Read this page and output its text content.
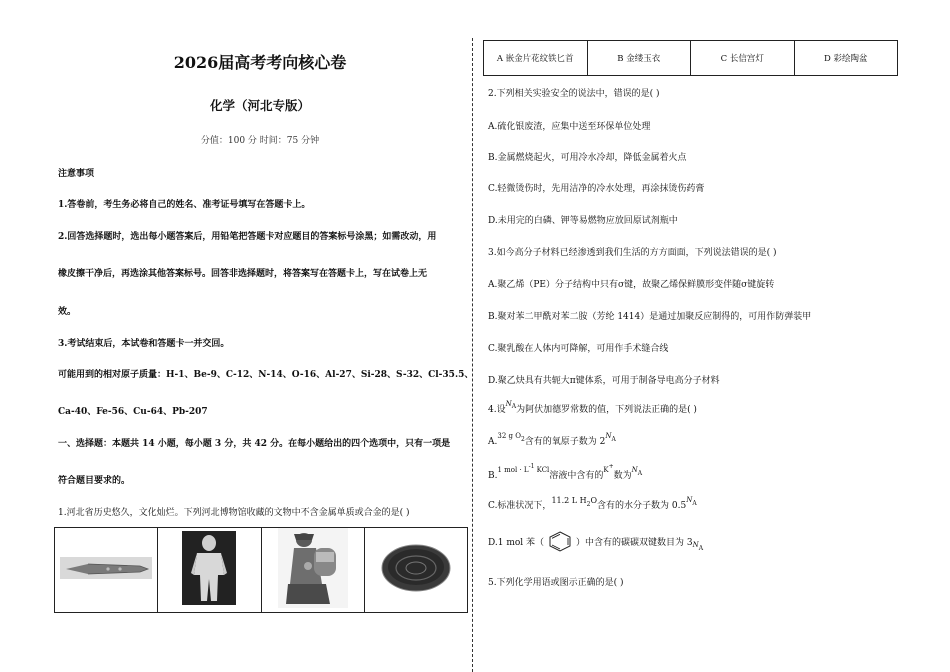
2026届高考考向核心卷
化学（河北专版）
分值：100 分 时间：75 分钟
注意事项
1.答卷前，考生务必将自己的姓名、准考证号填写在答题卡上。
2.回答选择题时，选出每小题答案后，用铅笔把答题卡对应题目的答案标号涂黑；如需改动，用
橡皮擦干净后，再选涂其他答案标号。回答非选择题时，将答案写在答题卡上，写在试卷上无
效。
3.考试结束后，本试卷和答题卡一并交回。
可能用到的相对原子质量：H-1、Be-9、C-12、N-14、O-16、Al-27、Si-28、S-32、Cl-35.5、
Ca-40、Fe-56、Cu-64、Pb-207
一、选择题：本题共 14 小题，每小题 3 分，共 42 分。在每小题给出的四个选项中，只有一项是
符合题目要求的。
1.河北省历史悠久，文化灿烂。下列河北博物馆收藏的文物中不含金属单质或合金的是( )

A 嵌金片花纹铁匕首	B 金缕玉衣	C 长信宫灯	D 彩绘陶盆
2.下列相关实验安全的说法中，错误的是( )
A.硫化银废渣，应集中送至环保单位处理
B.金属燃烧起火，可用冷水冷却，降低金属着火点
C.轻微烫伤时，先用洁净的冷水处理，再涂抹烫伤药膏
D.未用完的白磷、钾等易燃物应放回原试剂瓶中
3.如今高分子材料已经渗透到我们生活的方方面面，下列说法错误的是( )
A.聚乙烯（PE）分子结构中只有σ键，故聚乙烯保鲜膜形变伴随σ键旋转
B.聚对苯二甲酰对苯二胺（芳纶 1414）是通过加聚反应制得的，可用作防弹装甲
C.聚乳酸在人体内可降解，可用作手术缝合线
D.聚乙炔具有共轭大π键体系，可用于制备导电高分子材料
4.设$^{NA}$为阿伏加德罗常数的值，下列说法正确的是( )
A.$^{32 g O2}$含有的氧原子数为 $2^{NA}$
B.$^{1 mol \cdot L-1}$ $^{KCl}$溶液中含有的$^{K+}$数为$^{NA}$
C.标准状况下，11.2 L $H^2O$含有的水分子数为 $0.5^{NA}$
D.1 mol 苯（	）中含有的碳碳双键数目为 $3_{NA}$
5.下列化学用语或图示正确的是( )
